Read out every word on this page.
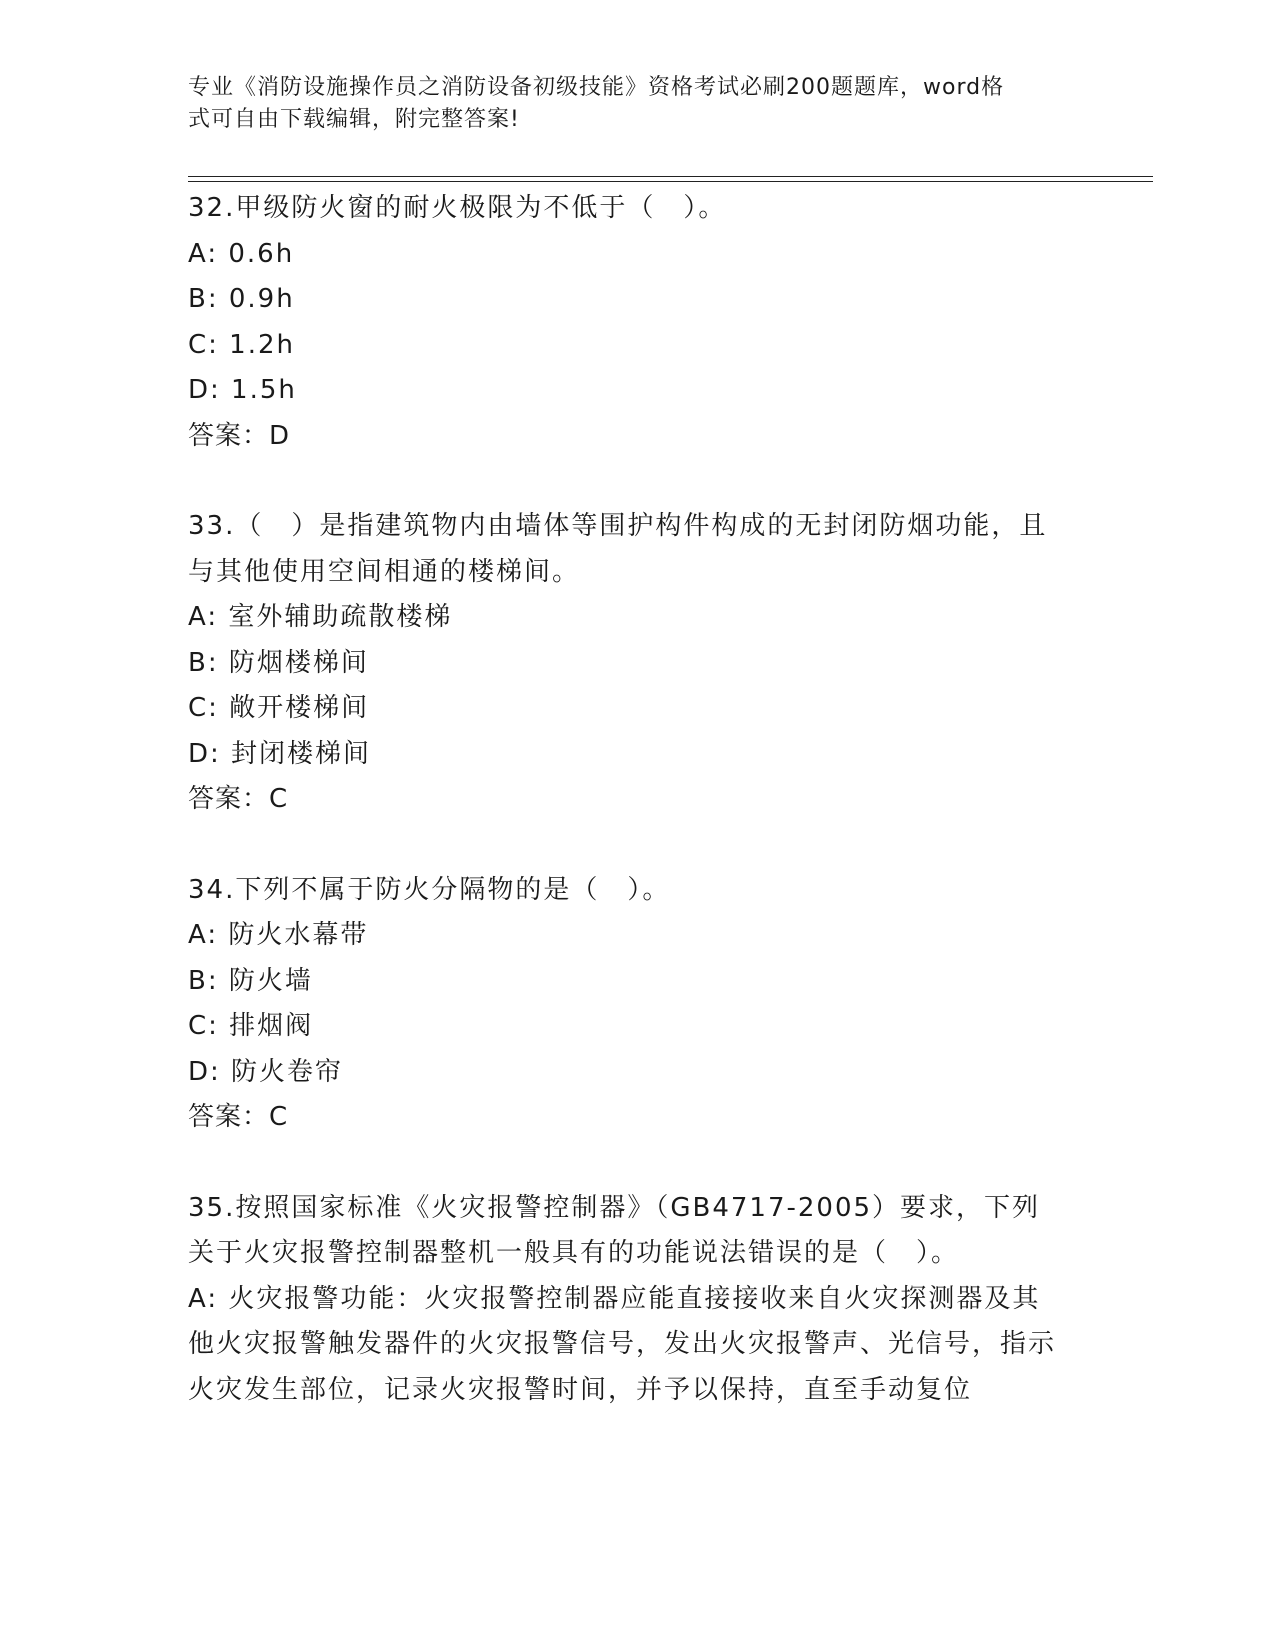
专业《消防设施操作员之消防设备初级技能》资格考试必刷200题题库，word格
式可自由下载编辑，附完整答案!
32.甲级防火窗的耐火极限为不低于（　）。
A: 0.6h
B: 0.9h
C: 1.2h
D: 1.5h
答案：D
33.（　）是指建筑物内由墙体等围护构件构成的无封闭防烟功能，且与其他使用空间相通的楼梯间。
A: 室外辅助疏散楼梯
B: 防烟楼梯间
C: 敞开楼梯间
D: 封闭楼梯间
答案：C
34.下列不属于防火分隔物的是（　）。
A: 防火水幕带
B: 防火墙
C: 排烟阀
D: 防火卷帘
答案：C
35.按照国家标准《火灾报警控制器》（GB4717-2005）要求，下列关于火灾报警控制器整机一般具有的功能说法错误的是（　）。
A: 火灾报警功能：火灾报警控制器应能直接接收来自火灾探测器及其他火灾报警触发器件的火灾报警信号，发出火灾报警声、光信号，指示火灾发生部位，记录火灾报警时间，并予以保持，直至手动复位
